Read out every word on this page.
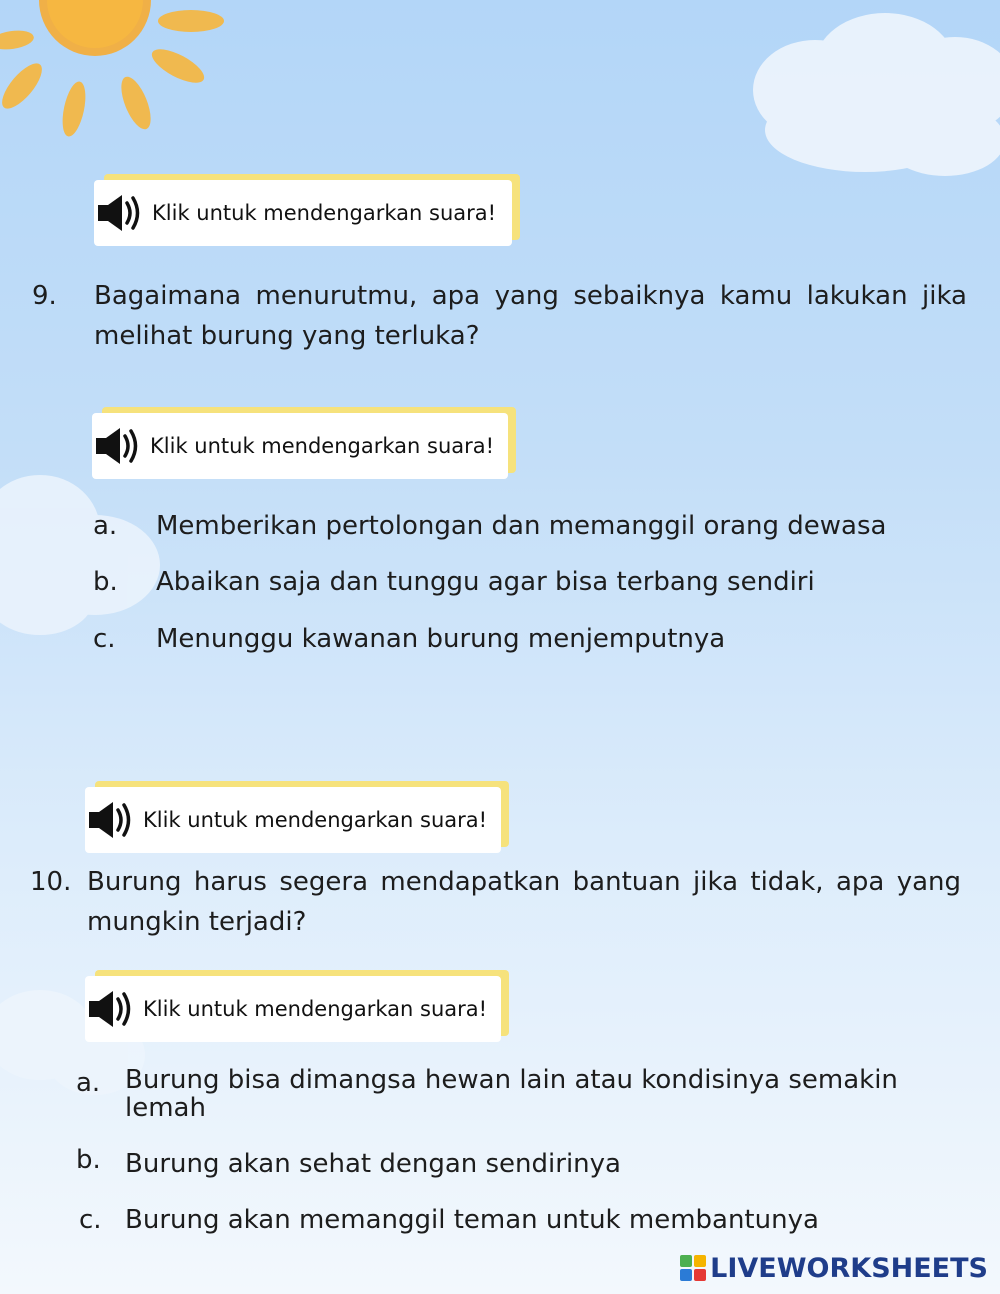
Klik untuk mendengarkan suara!
9. Bagaimana menurutmu, apa yang sebaiknya kamu lakukan jika melihat burung yang terluka?
Klik untuk mendengarkan suara!
a. Memberikan pertolongan dan memanggil orang dewasa
b. Abaikan saja dan tunggu agar bisa terbang sendiri
c. Menunggu kawanan burung menjemputnya
Klik untuk mendengarkan suara!
10. Burung harus segera mendapatkan bantuan jika tidak, apa yang mungkin terjadi?
Klik untuk mendengarkan suara!
a. Burung bisa dimangsa hewan lain atau kondisinya semakin lemah
b. Burung akan sehat dengan sendirinya
c. Burung akan memanggil teman untuk membantunya
LIVEWORKSHEETS
